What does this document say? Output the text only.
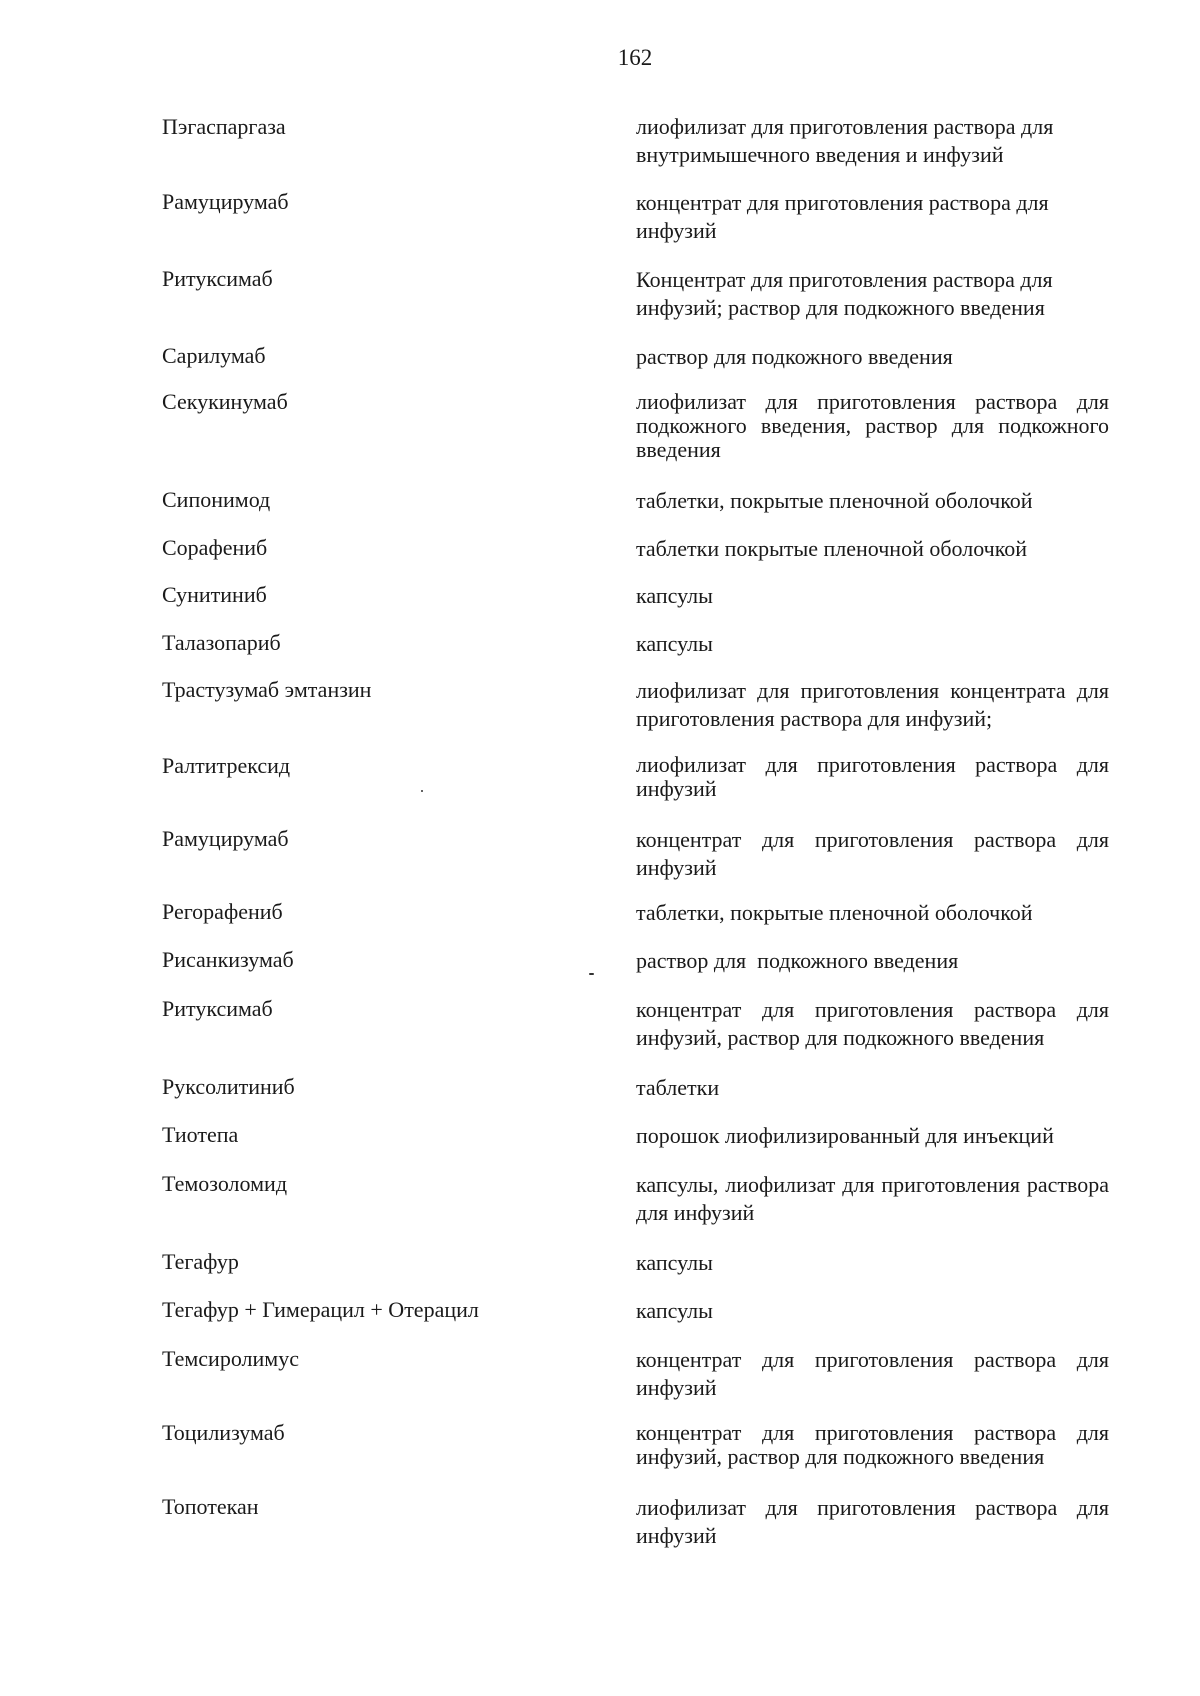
162
Пэгаспаргаза	лиофилизат для приготовления раствора для внутримышечного введения и инфузий
Рамуцирумаб	концентрат для приготовления раствора для инфузий
Ритуксимаб	Концентрат для приготовления раствора для инфузий; раствор для подкожного введения
Сарилумаб	раствор для подкожного введения
Секукинумаб	лиофилизат для приготовления раствора для подкожного введения, раствор для подкожного введения
Сипонимод	таблетки, покрытые пленочной оболочкой
Сорафениб	таблетки покрытые пленочной оболочкой
Сунитиниб	капсулы
Талазопариб	капсулы
Трастузумаб эмтанзин	лиофилизат для приготовления концентрата для приготовления раствора для инфузий;
Ралтитрексид	лиофилизат для приготовления раствора для инфузий
Рамуцирумаб	концентрат для приготовления раствора для инфузий
Регорафениб	таблетки, покрытые пленочной оболочкой
Рисанкизумаб	раствор для  подкожного введения
Ритуксимаб	концентрат для приготовления раствора для инфузий, раствор для подкожного введения
Руксолитиниб	таблетки
Тиотепа	порошок лиофилизированный для инъекций
Темозоломид	капсулы, лиофилизат для приготовления раствора для инфузий
Тегафур	капсулы
Тегафур + Гимерацил + Отерацил	капсулы
Темсиролимус	концентрат для приготовления раствора для инфузий
Тоцилизумаб	концентрат для приготовления раствора для инфузий, раствор для подкожного введения
Топотекан	лиофилизат для приготовления раствора для инфузий
